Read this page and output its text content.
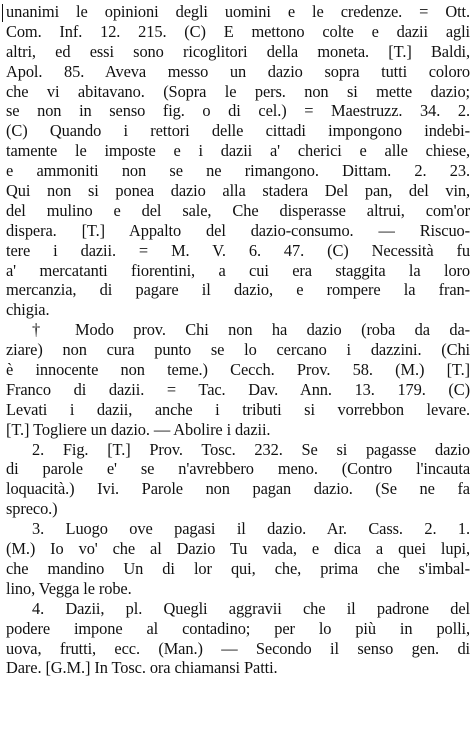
unanimi le opinioni degli uomini e le credenze. = Ott.
Com. Inf. 12. 215. (C) E mettono colte e dazii agli
altri, ed essi sono ricoglitori della moneta. [T.] Baldi,
Apol. 85. Aveva messo un dazio sopra tutti coloro
che vi abitavano. (Sopra le pers. non si mette dazio;
se non in senso fig. o di cel.) = Maestruzz. 34. 2.
(C) Quando i rettori delle cittadi impongono indebi-
tamente le imposte e i dazii a' cherici e alle chiese,
e ammoniti non se ne rimangono. Dittam. 2. 23.
Qui non si ponea dazio alla stadera Del pan, del vin,
del mulino e del sale, Che disperasse altrui, com'or
dispera. [T.] Appalto del dazio-consumo. — Riscuo-
tere i dazii. = M. V. 6. 47. (C) Necessità fu
a' mercatanti fiorentini, a cui era staggita la loro
mercanzia, di pagare il dazio, e rompere la fran-
chigia.
† Modo prov. Chi non ha dazio (roba da da-
ziare) non cura punto se lo cercano i dazzini. (Chi
è innocente non teme.) Cecch. Prov. 58. (M.) [T.]
Franco di dazii. = Tac. Dav. Ann. 13. 179. (C)
Levati i dazii, anche i tributi si vorrebbon levare.
[T.] Togliere un dazio. — Abolire i dazii.
2. Fig. [T.] Prov. Tosc. 232. Se si pagasse dazio
di parole e' se n'avrebbero meno. (Contro l'incauta
loquacità.) Ivi. Parole non pagan dazio. (Se ne fa
spreco.)
3. Luogo ove pagasi il dazio. Ar. Cass. 2. 1.
(M.) Io vo' che al Dazio Tu vada, e dica a quei lupi,
che mandino Un di lor qui, che, prima che s'imbal-
lino, Vegga le robe.
4. Dazii, pl. Quegli aggravii che il padrone del
podere impone al contadino; per lo più in polli,
uova, frutti, ecc. (Man.) — Secondo il senso gen. di
Dare. [G.M.] In Tosc. ora chiamansi Patti.
